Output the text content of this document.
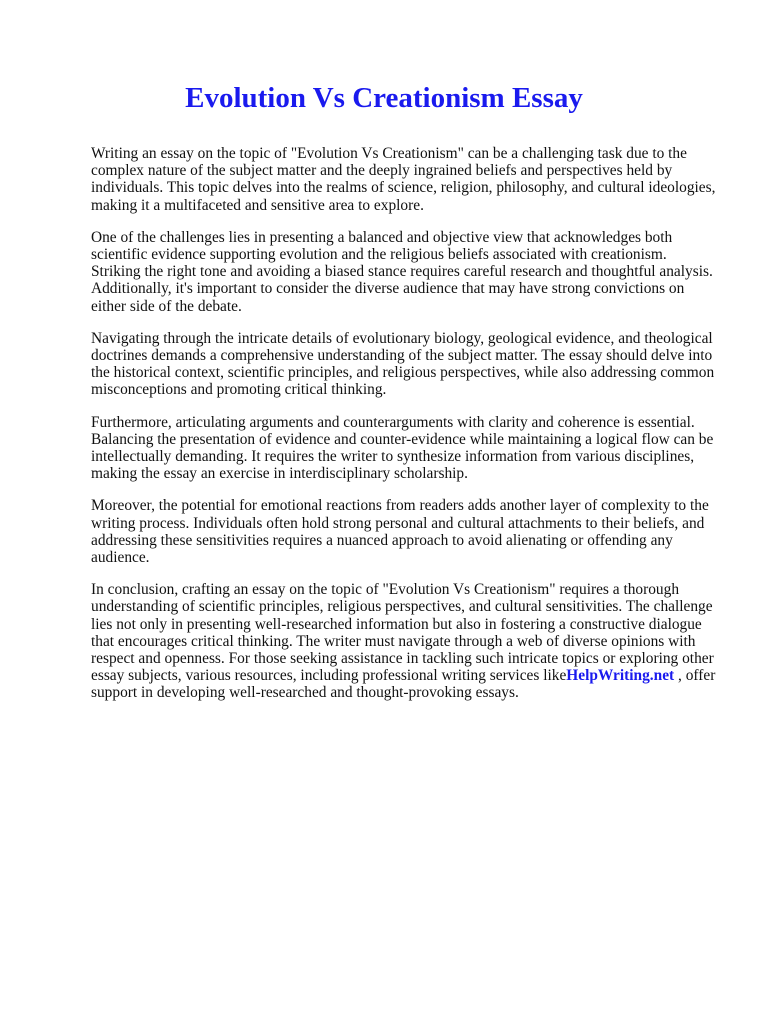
Evolution Vs Creationism Essay

Writing an essay on the topic of "Evolution Vs Creationism" can be a challenging task due to the
complex nature of the subject matter and the deeply ingrained beliefs and perspectives held by
individuals. This topic delves into the realms of science, religion, philosophy, and cultural ideologies,
making it a multifaceted and sensitive area to explore.

One of the challenges lies in presenting a balanced and objective view that acknowledges both
scientific evidence supporting evolution and the religious beliefs associated with creationism.
Striking the right tone and avoiding a biased stance requires careful research and thoughtful analysis.
Additionally, it's important to consider the diverse audience that may have strong convictions on
either side of the debate.

Navigating through the intricate details of evolutionary biology, geological evidence, and theological
doctrines demands a comprehensive understanding of the subject matter. The essay should delve into
the historical context, scientific principles, and religious perspectives, while also addressing common
misconceptions and promoting critical thinking.

Furthermore, articulating arguments and counterarguments with clarity and coherence is essential.
Balancing the presentation of evidence and counter-evidence while maintaining a logical flow can be
intellectually demanding. It requires the writer to synthesize information from various disciplines,
making the essay an exercise in interdisciplinary scholarship.

Moreover, the potential for emotional reactions from readers adds another layer of complexity to the
writing process. Individuals often hold strong personal and cultural attachments to their beliefs, and
addressing these sensitivities requires a nuanced approach to avoid alienating or offending any
audience.

In conclusion, crafting an essay on the topic of "Evolution Vs Creationism" requires a thorough
understanding of scientific principles, religious perspectives, and cultural sensitivities. The challenge
lies not only in presenting well-researched information but also in fostering a constructive dialogue
that encourages critical thinking. The writer must navigate through a web of diverse opinions with
respect and openness. For those seeking assistance in tackling such intricate topics or exploring other
essay subjects, various resources, including professional writing services likeHelpWriting.net , offer
support in developing well-researched and thought-provoking essays.
